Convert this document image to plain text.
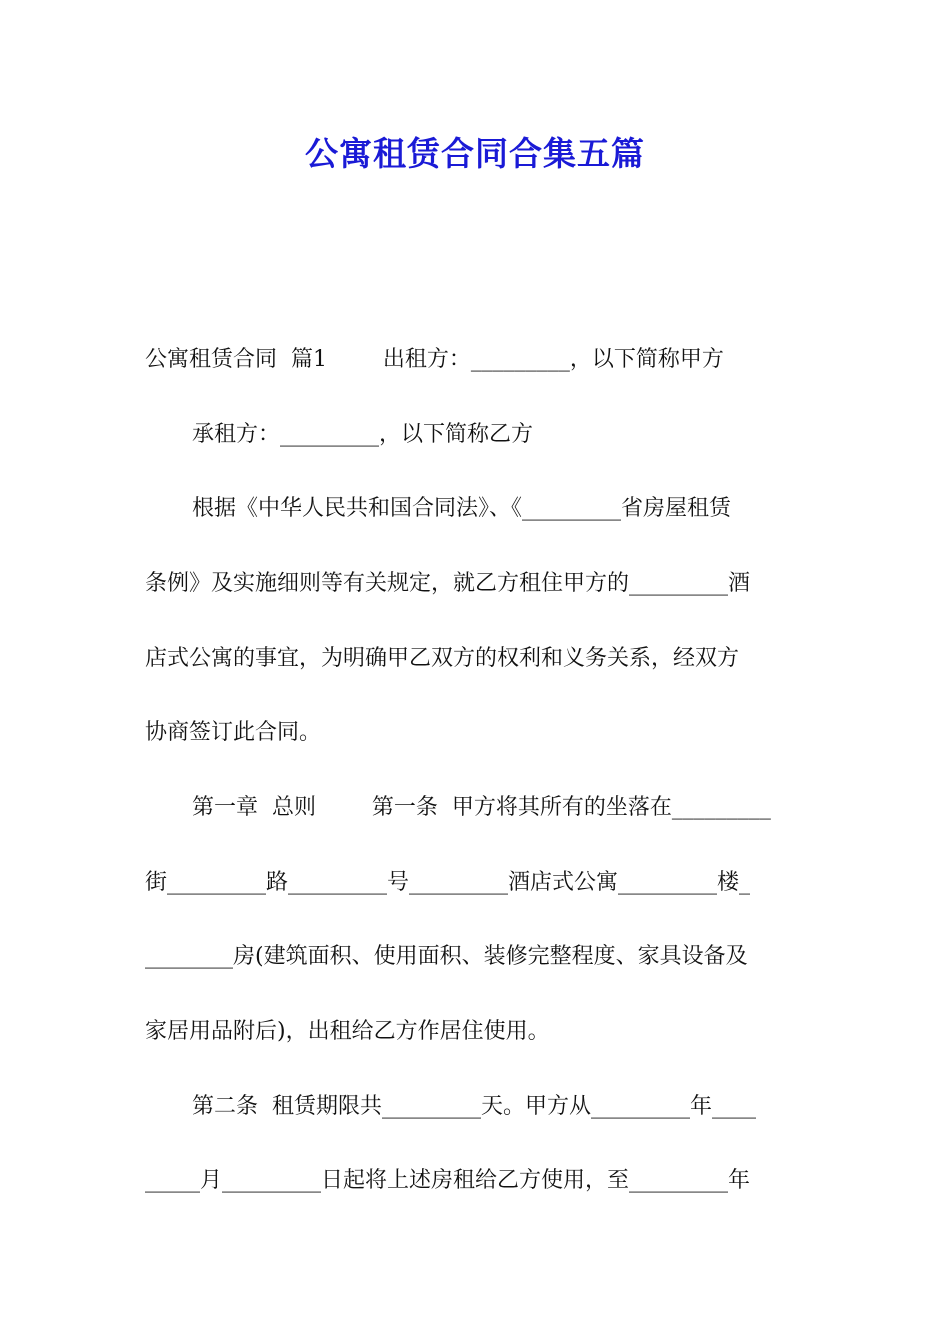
公寓租赁合同合集五篇
公寓租赁合同  篇1        出租方：_________，以下简称甲方
承租方：_________，以下简称乙方
根据《中华人民共和国合同法》、《_________省房屋租赁
条例》及实施细则等有关规定，就乙方租住甲方的_________酒
店式公寓的事宜，为明确甲乙双方的权利和义务关系，经双方
协商签订此合同。
第一章  总则        第一条  甲方将其所有的坐落在_________
街_________路_________号_________酒店式公寓_________楼_
________房(建筑面积、使用面积、装修完整程度、家具设备及
家居用品附后)，出租给乙方作居住使用。
第二条  租赁期限共_________天。甲方从_________年____
_____月_________日起将上述房租给乙方使用，至_________年
